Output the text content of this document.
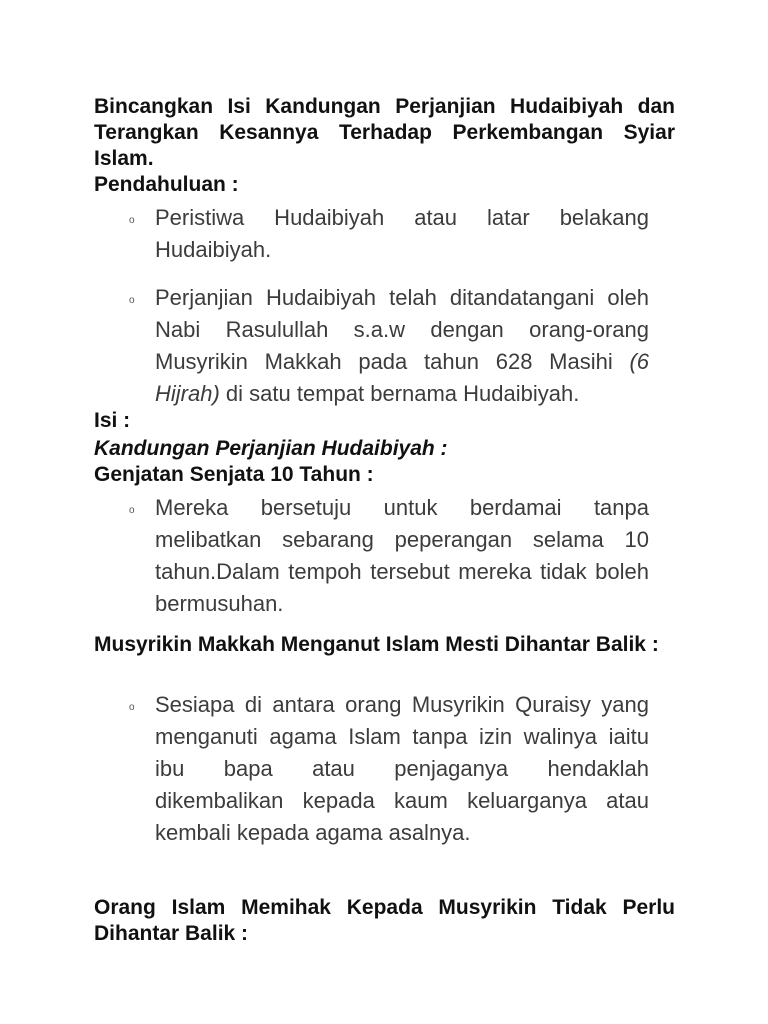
Bincangkan Isi Kandungan Perjanjian Hudaibiyah dan Terangkan Kesannya Terhadap Perkembangan Syiar Islam.
Pendahuluan :
o Peristiwa Hudaibiyah atau latar belakang Hudaibiyah.
o Perjanjian Hudaibiyah telah ditandatangani oleh Nabi Rasulullah s.a.w dengan orang-orang Musyrikin Makkah pada tahun 628 Masihi (6 Hijrah) di satu tempat bernama Hudaibiyah.
Isi :
Kandungan Perjanjian Hudaibiyah :
Genjatan Senjata 10 Tahun :
o Mereka bersetuju untuk berdamai tanpa melibatkan sebarang peperangan selama 10 tahun.Dalam tempoh tersebut mereka tidak boleh bermusuhan.
Musyrikin Makkah Menganut Islam Mesti Dihantar Balik :
o Sesiapa di antara orang Musyrikin Quraisy yang menganuti agama Islam tanpa izin walinya iaitu ibu bapa atau penjaganya hendaklah dikembalikan kepada kaum keluarganya atau kembali kepada agama asalnya.
Orang Islam Memihak Kepada Musyrikin Tidak Perlu Dihantar Balik :
